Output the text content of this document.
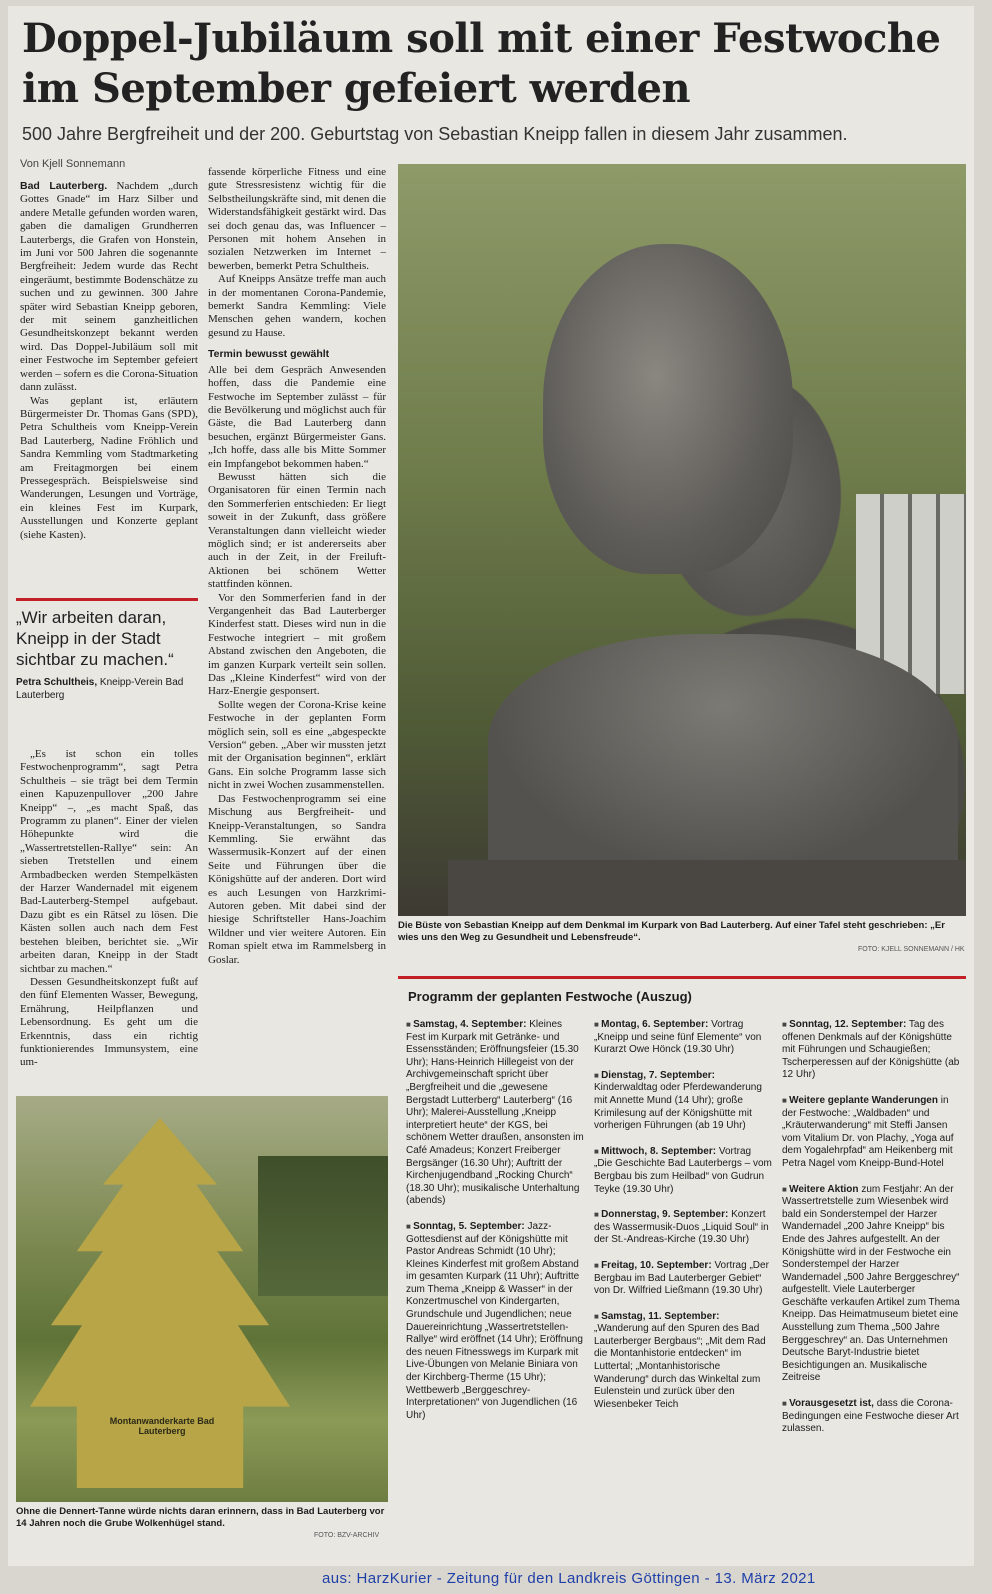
Doppel-Jubiläum soll mit einer Festwoche im September gefeiert werden

500 Jahre Bergfreiheit und der 200. Geburtstag von Sebastian Kneipp fallen in diesem Jahr zusammen.

Von Kjell Sonnemann

Bad Lauterberg. Nachdem „durch Gottes Gnade“ im Harz Silber und andere Metalle gefunden worden waren, gaben die damaligen Grundherren Lauterbergs, die Grafen von Honstein, im Juni vor 500 Jahren die sogenannte Bergfreiheit: Jedem wurde das Recht eingeräumt, bestimmte Bodenschätze zu suchen und zu gewinnen. 300 Jahre später wird Sebastian Kneipp geboren, der mit seinem ganzheitlichen Gesundheitskonzept bekannt werden wird. Das Doppel-Jubiläum soll mit einer Festwoche im September gefeiert werden – sofern es die Corona-Situation dann zulässt.

Was geplant ist, erläutern Bürgermeister Dr. Thomas Gans (SPD), Petra Schultheis vom Kneipp-Verein Bad Lauterberg, Nadine Fröhlich und Sandra Kemmling vom Stadtmarketing am Freitagmorgen bei einem Pressegespräch. Beispielsweise sind Wanderungen, Lesungen und Vorträge, ein kleines Fest im Kurpark, Ausstellungen und Konzerte geplant (siehe Kasten).

„Wir arbeiten daran, Kneipp in der Stadt sichtbar zu machen.“

Petra Schultheis, Kneipp-Verein Bad Lauterberg

„Es ist schon ein tolles Festwochenprogramm“, sagt Petra Schultheis – sie trägt bei dem Termin einen Kapuzenpullover „200 Jahre Kneipp“ –, „es macht Spaß, das Programm zu planen“. Einer der vielen Höhepunkte wird die „Wassertretstellen-Rallye“ sein: An sieben Tretstellen und einem Armbadbecken werden Stempelkästen der Harzer Wandernadel mit eigenem Bad-Lauterberg-Stempel aufgebaut. Dazu gibt es ein Rätsel zu lösen. Die Kästen sollen auch nach dem Fest bestehen bleiben, berichtet sie. „Wir arbeiten daran, Kneipp in der Stadt sichtbar zu machen.“

Dessen Gesundheitskonzept fußt auf den fünf Elementen Wasser, Bewegung, Ernährung, Heilpflanzen und Lebensordnung. Es geht um die Erkenntnis, dass ein richtig funktionierendes Immunsystem, eine um-

fassende körperliche Fitness und eine gute Stressresistenz wichtig für die Selbstheilungskräfte sind, mit denen die Widerstandsfähigkeit gestärkt wird. Das sei doch genau das, was Influencer – Personen mit hohem Ansehen in sozialen Netzwerken im Internet – bewerben, bemerkt Petra Schultheis.

Auf Kneipps Ansätze treffe man auch in der momentanen Corona-Pandemie, bemerkt Sandra Kemmling: Viele Menschen gehen wandern, kochen gesund zu Hause.

Termin bewusst gewählt

Alle bei dem Gespräch Anwesenden hoffen, dass die Pandemie eine Festwoche im September zulässt – für die Bevölkerung und möglichst auch für Gäste, die Bad Lauterberg dann besuchen, ergänzt Bürgermeister Gans. „Ich hoffe, dass alle bis Mitte Sommer ein Impfangebot bekommen haben.“

Bewusst hätten sich die Organisatoren für einen Termin nach den Sommerferien entschieden: Er liegt soweit in der Zukunft, dass größere Veranstaltungen dann vielleicht wieder möglich sind; er ist andererseits aber auch in der Zeit, in der Freiluft-Aktionen bei schönem Wetter stattfinden können.

Vor den Sommerferien fand in der Vergangenheit das Bad Lauterberger Kinderfest statt. Dieses wird nun in die Festwoche integriert – mit großem Abstand zwischen den Angeboten, die im ganzen Kurpark verteilt sein sollen. Das „Kleine Kinderfest“ wird von der Harz-Energie gesponsert.

Sollte wegen der Corona-Krise keine Festwoche in der geplanten Form möglich sein, soll es eine „abgespeckte Version“ geben. „Aber wir mussten jetzt mit der Organisation beginnen“, erklärt Gans. Ein solche Programm lasse sich nicht in zwei Wochen zusammenstellen.

Das Festwochenprogramm sei eine Mischung aus Bergfreiheit- und Kneipp-Veranstaltungen, so Sandra Kemmling. Sie erwähnt das Wassermusik-Konzert auf der einen Seite und Führungen über die Königshütte auf der anderen. Dort wird es auch Lesungen von Harzkrimi-Autoren geben. Mit dabei sind der hiesige Schriftsteller Hans-Joachim Wildner und vier weitere Autoren. Ein Roman spielt etwa im Rammelsberg in Goslar.

Die Büste von Sebastian Kneipp auf dem Denkmal im Kurpark von Bad Lauterberg. Auf einer Tafel steht geschrieben: „Er wies uns den Weg zu Gesundheit und Lebensfreude“.
FOTO: KJELL SONNEMANN / HK
Programm der geplanten Festwoche (Auszug)

■ Samstag, 4. September: Kleines Fest im Kurpark mit Getränke- und Essensständen; Eröffnungsfeier (15.30 Uhr); Hans-Heinrich Hillegeist von der Archivgemeinschaft spricht über „Bergfreiheit und die „gewesene Bergstadt Lutterberg“ Lauterberg“ (16 Uhr); Malerei-Ausstellung „Kneipp interpretiert heute“ der KGS, bei schönem Wetter draußen, ansonsten im Café Amadeus; Konzert Freiberger Bergsänger (16.30 Uhr); Auftritt der Kirchenjugendband „Rocking Church“ (18.30 Uhr); musikalische Unterhaltung (abends)

■ Sonntag, 5. September: Jazz-Gottesdienst auf der Königshütte mit Pastor Andreas Schmidt (10 Uhr); Kleines Kinderfest mit großem Abstand im gesamten Kurpark (11 Uhr); Auftritte zum Thema „Kneipp & Wasser“ in der Konzertmuschel von Kindergarten, Grundschule und Jugendlichen; neue Dauereinrichtung „Wassertretstellen-Rallye“ wird eröffnet (14 Uhr); Eröffnung des neuen Fitnesswegs im Kurpark mit Live-Übungen von Melanie Biniara von der Kirchberg-Therme (15 Uhr); Wettbewerb „Berggeschrey-Interpretationen“ von Jugendlichen (16 Uhr)

■ Montag, 6. September: Vortrag „Kneipp und seine fünf Elemente“ von Kurarzt Owe Hönck (19.30 Uhr)

■ Dienstag, 7. September: Kinderwaldtag oder Pferdewanderung mit Annette Mund (14 Uhr); große Krimilesung auf der Königshütte mit vorherigen Führungen (ab 19 Uhr)

■ Mittwoch, 8. September: Vortrag „Die Geschichte Bad Lauterbergs – vom Bergbau bis zum Heilbad“ von Gudrun Teyke (19.30 Uhr)

■ Donnerstag, 9. September: Konzert des Wassermusik-Duos „Liquid Soul“ in der St.-Andreas-Kirche (19.30 Uhr)

■ Freitag, 10. September: Vortrag „Der Bergbau im Bad Lauterberger Gebiet“ von Dr. Wilfried Ließmann (19.30 Uhr)

■ Samstag, 11. September: „Wanderung auf den Spuren des Bad Lauterberger Bergbaus“; „Mit dem Rad die Montanhistorie entdecken“ im Luttertal; „Montanhistorische Wanderung“ durch das Winkeltal zum Eulenstein und zurück über den Wiesenbeker Teich

■ Sonntag, 12. September: Tag des offenen Denkmals auf der Königshütte mit Führungen und Schaugießen; Tscherperessen auf der Königshütte (ab 12 Uhr)

■ Weitere geplante Wanderungen in der Festwoche: „Waldbaden“ und „Kräuterwanderung“ mit Steffi Jansen vom Vitalium Dr. von Plachy, „Yoga auf dem Yogalehrpfad“ am Heikenberg mit Petra Nagel vom Kneipp-Bund-Hotel

■ Weitere Aktion zum Festjahr: An der Wassertretstelle zum Wiesenbek wird bald ein Sonderstempel der Harzer Wandernadel „200 Jahre Kneipp“ bis Ende des Jahres aufgestellt. An der Königshütte wird in der Festwoche ein Sonderstempel der Harzer Wandernadel „500 Jahre Berggeschrey“ aufgestellt. Viele Lauterberger Geschäfte verkaufen Artikel zum Thema Kneipp. Das Heimatmuseum bietet eine Ausstellung zum Thema „500 Jahre Berggeschrey“ an. Das Unternehmen Deutsche Baryt-Industrie bietet Besichtigungen an. Musikalische Zeitreise

■ Vorausgesetzt ist, dass die Corona-Bedingungen eine Festwoche dieser Art zulassen.

Montanwanderkarte Bad Lauterberg
Ohne die Dennert-Tanne würde nichts daran erinnern, dass in Bad Lauterberg vor 14 Jahren noch die Grube Wolkenhügel stand.
FOTO: BZV-ARCHIV
aus: HarzKurier - Zeitung für den Landkreis Göttingen - 13. März 2021
